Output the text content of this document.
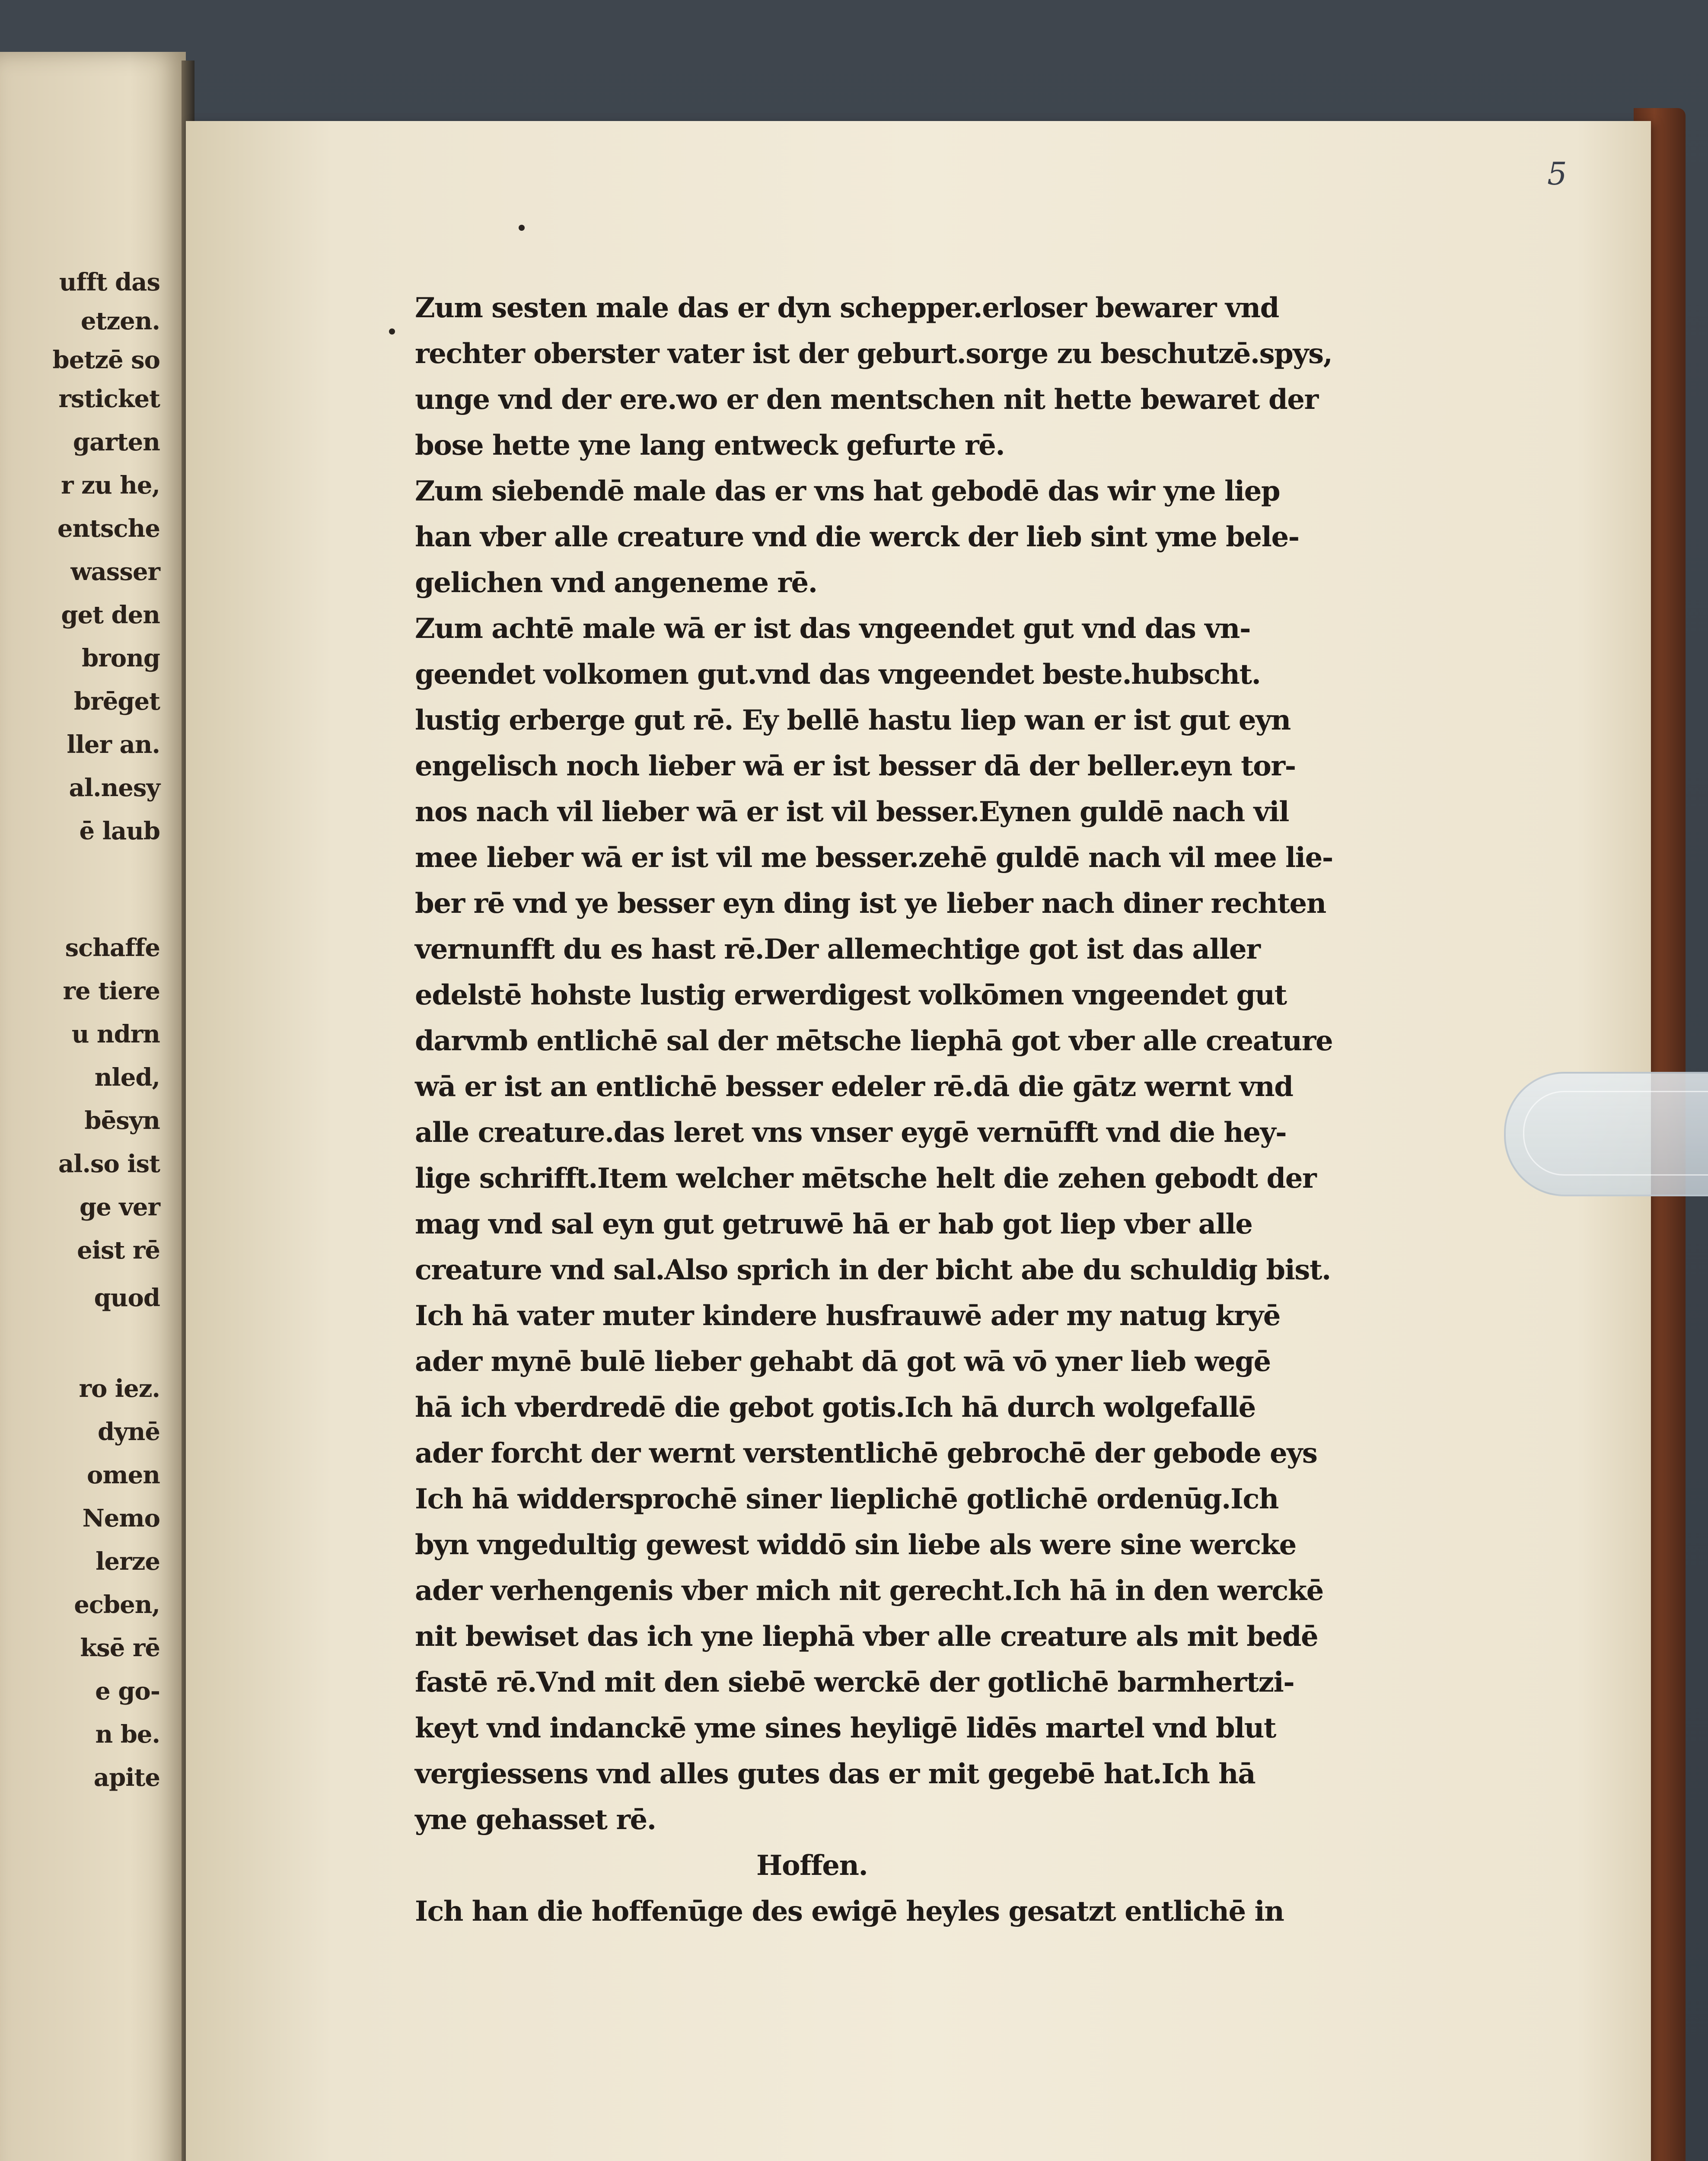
ufft das
etzen.
betzē so
rsticket
garten
r zu he,
entsche
wasser
get den
brong
brēget
ller an.
al.nesy
ē laub
schaffe
re tiere
u ndrn
nled,
bēsyn
al.so ist
ge ver
eist rē
quod
ro iez.
dynē
omen
Nemo
lerze
ecben,
ksē rē
e go-
n be.
apite
5
Zum sesten male das er dyn schepper.erloser bewarer vnd
rechter oberster vater ist der geburt.sorge zu beschutzē.spys,
unge vnd der ere.wo er den mentschen nit hette bewaret der
bose hette yne lang entweck gefurte rē.
Zum siebendē male das er vns hat gebodē das wir yne liep
han vber alle creature vnd die werck der lieb sint yme bele-
gelichen vnd angeneme rē.
Zum achtē male wā er ist das vngeendet gut vnd das vn-
geendet volkomen gut.vnd das vngeendet beste.hubscht.
lustig erberge gut rē. Ey bellē hastu liep wan er ist gut eyn
engelisch noch lieber wā er ist besser dā der beller.eyn tor-
nos nach vil lieber wā er ist vil besser.Eynen guldē nach vil
mee lieber wā er ist vil me besser.zehē guldē nach vil mee lie-
ber rē vnd ye besser eyn ding ist ye lieber nach diner rechten
vernunfft du es hast rē.Der allemechtige got ist das aller
edelstē hohste lustig erwerdigest volkōmen vngeendet gut
darvmb entlichē sal der mētsche liephā got vber alle creature
wā er ist an entlichē besser edeler rē.dā die gātz wernt vnd
alle creature.das leret vns vnser eygē vernūfft vnd die hey-
lige schrifft.Item welcher mētsche helt die zehen gebodt der
mag vnd sal eyn gut getruwē hā er hab got liep vber alle
creature vnd sal.Also sprich in der bicht abe du schuldig bist.
Ich hā vater muter kindere husfrauwē ader my natug kryē
ader mynē bulē lieber gehabt dā got wā vō yner lieb wegē
hā ich vberdredē die gebot gotis.Ich hā durch wolgefallē
ader forcht der wernt verstentlichē gebrochē der gebode eys
Ich hā widdersprochē siner lieplichē gotlichē ordenūg.Ich
byn vngedultig gewest widdō sin liebe als were sine wercke
ader verhengenis vber mich nit gerecht.Ich hā in den werckē
nit bewiset das ich yne liephā vber alle creature als mit bedē
fastē rē.Vnd mit den siebē werckē der gotlichē barmhertzi-
keyt vnd indanckē yme sines heyligē lidēs martel vnd blut
vergiessens vnd alles gutes das er mit gegebē hat.Ich hā
yne gehasset rē.
Hoffen.
Ich han die hoffenūge des ewigē heyles gesatzt entlichē in
